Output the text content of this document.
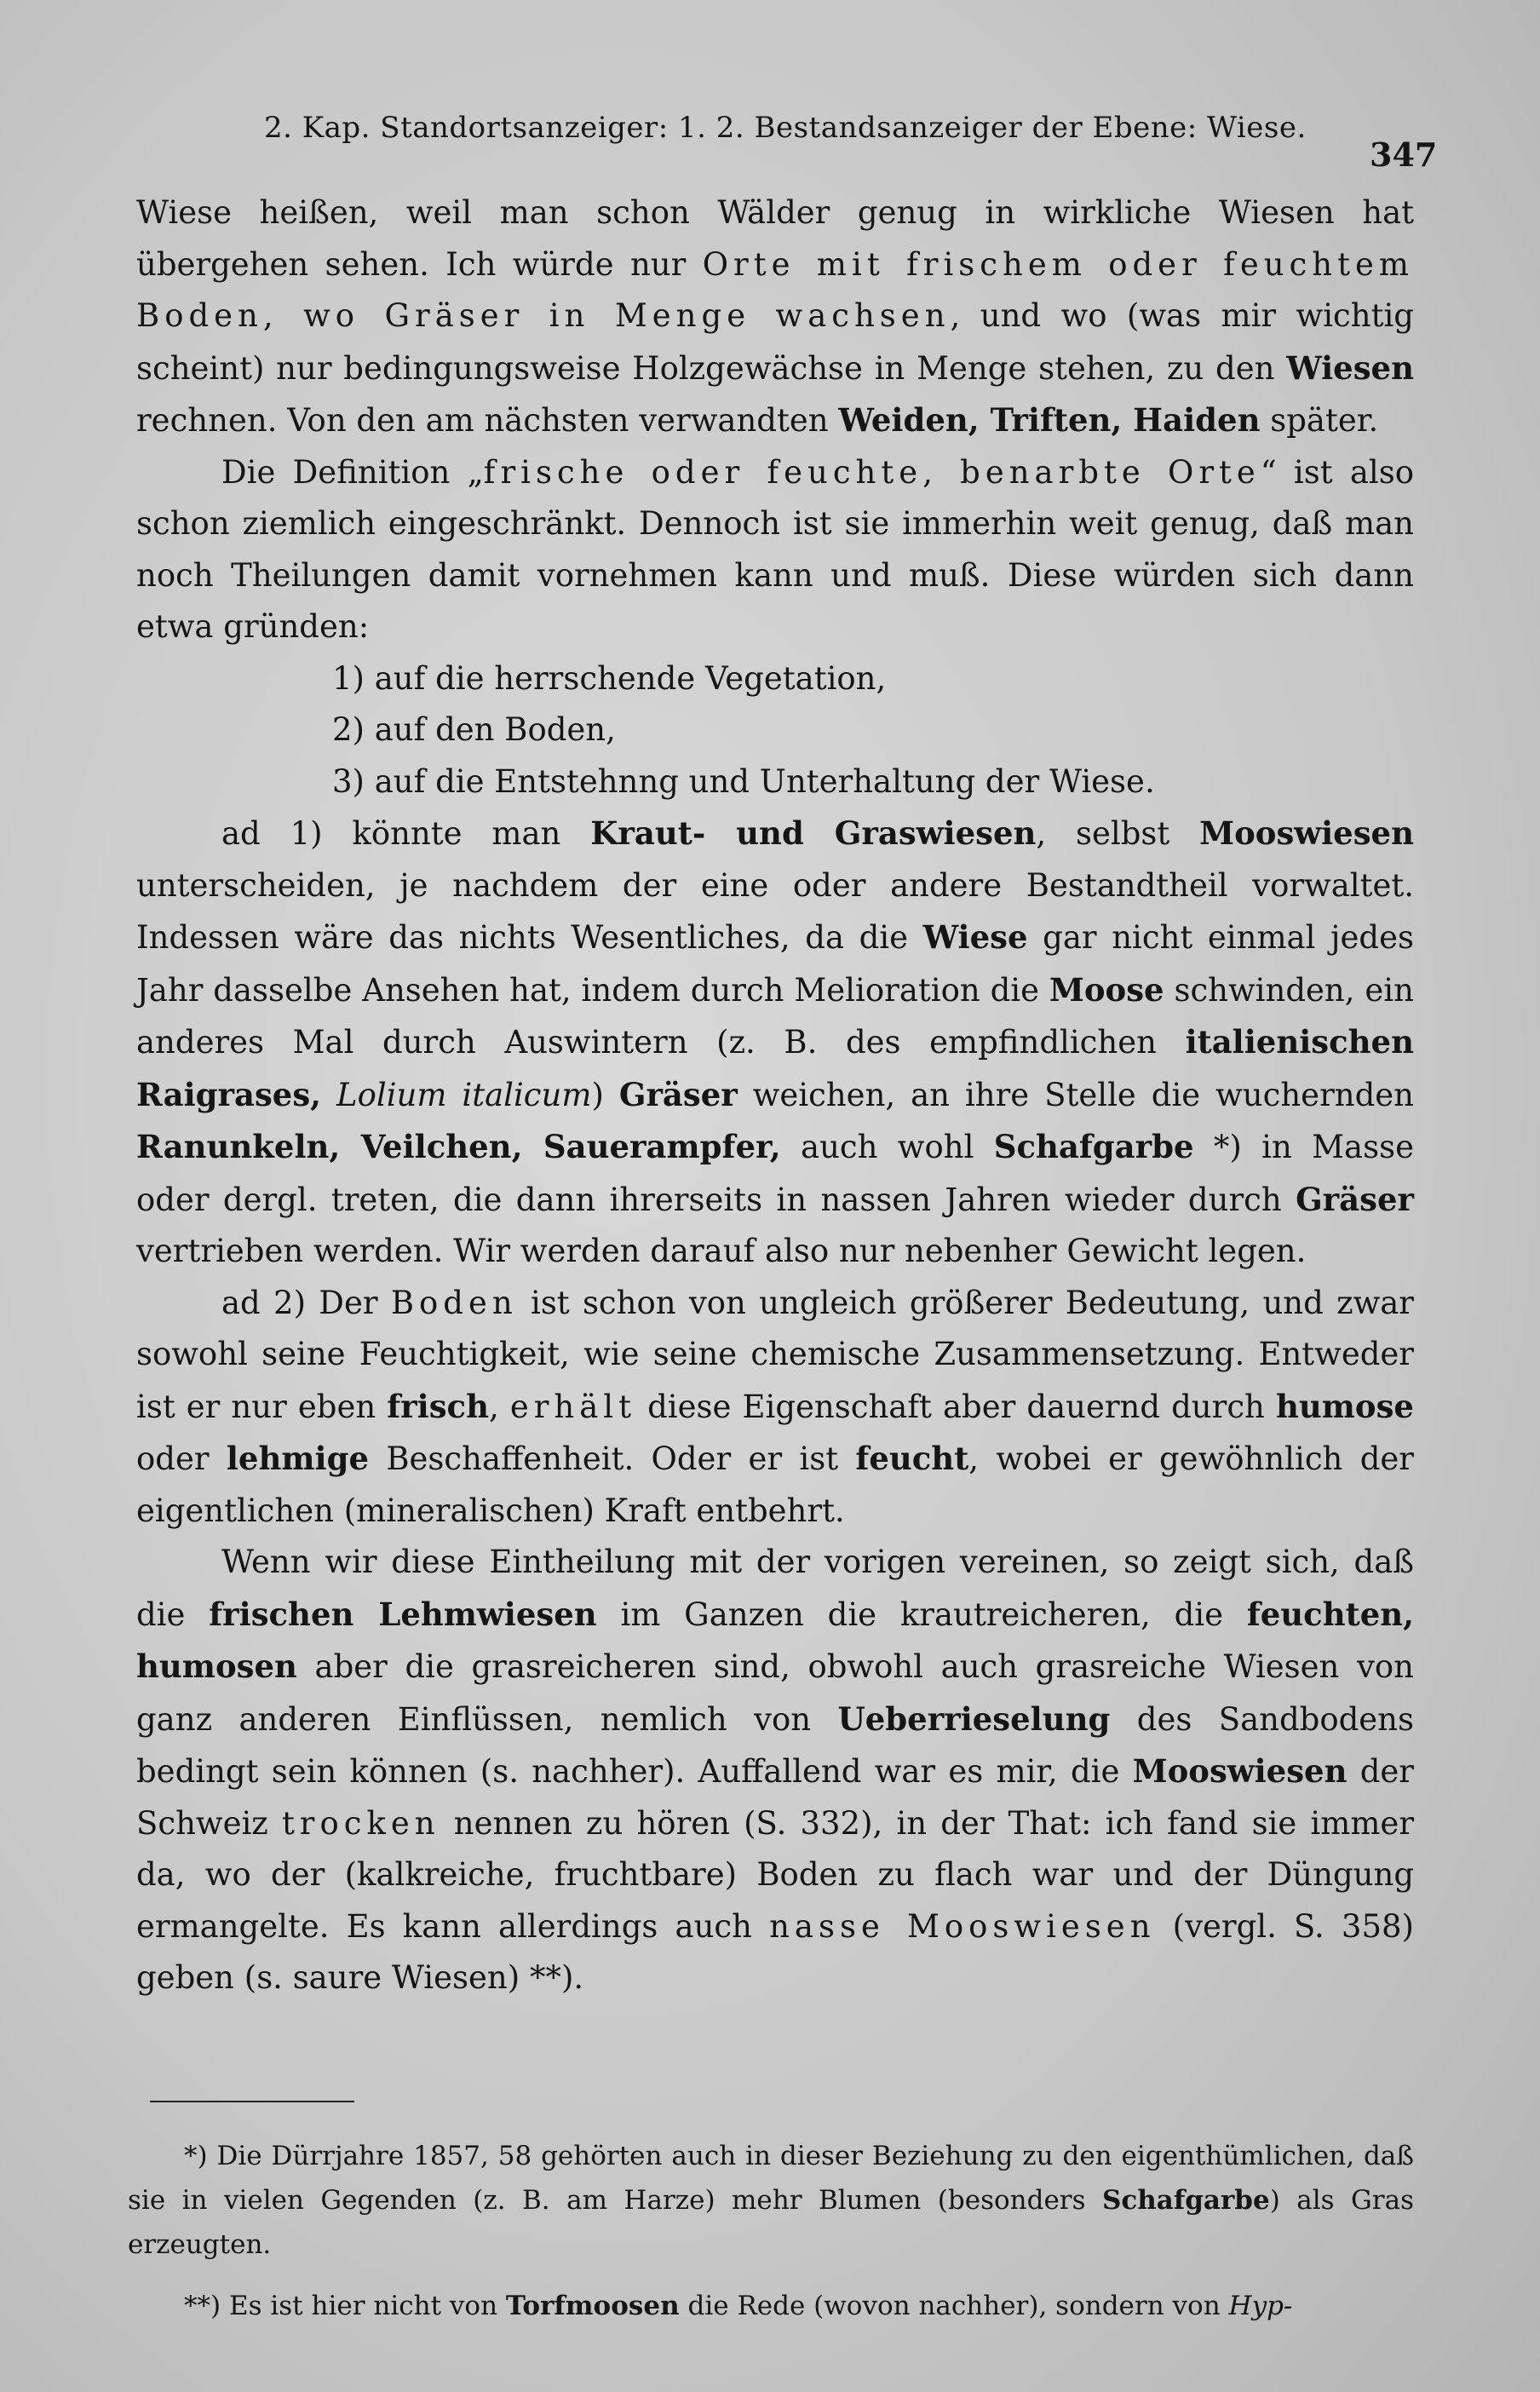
2. Kap. Standortsanzeiger: 1. 2. Bestandsanzeiger der Ebene: Wiese.
347

Wiese heißen, weil man schon Wälder genug in wirkliche Wiesen hat übergehen sehen. Ich würde nur Orte mit frischem oder feuchtem Boden, wo Gräser in Menge wachsen, und wo (was mir wichtig scheint) nur bedingungsweise Holzgewächse in Menge stehen, zu den Wiesen rechnen. Von den am nächsten verwandten Weiden, Triften, Haiden später.

Die Definition „frische oder feuchte, benarbte Orte“ ist also schon ziemlich eingeschränkt. Dennoch ist sie immerhin weit genug, daß man noch Theilungen damit vornehmen kann und muß. Diese würden sich dann etwa gründen:

1) auf die herrschende Vegetation,
2) auf den Boden,
3) auf die Entstehnng und Unterhaltung der Wiese.

ad 1) könnte man Kraut- und Graswiesen, selbst Mooswiesen unterscheiden, je nachdem der eine oder andere Bestandtheil vorwaltet. Indessen wäre das nichts Wesentliches, da die Wiese gar nicht einmal jedes Jahr dasselbe Ansehen hat, indem durch Melioration die Moose schwinden, ein anderes Mal durch Auswintern (z. B. des empfindlichen italienischen Raigrases, Lolium italicum) Gräser weichen, an ihre Stelle die wuchernden Ranunkeln, Veilchen, Sauerampfer, auch wohl Schafgarbe *) in Masse oder dergl. treten, die dann ihrerseits in nassen Jahren wieder durch Gräser vertrieben werden. Wir werden darauf also nur nebenher Gewicht legen.

ad 2) Der Boden ist schon von ungleich größerer Bedeutung, und zwar sowohl seine Feuchtigkeit, wie seine chemische Zusammensetzung. Entweder ist er nur eben frisch, erhält diese Eigenschaft aber dauernd durch humose oder lehmige Beschaffenheit. Oder er ist feucht, wobei er gewöhnlich der eigentlichen (mineralischen) Kraft entbehrt.

Wenn wir diese Eintheilung mit der vorigen vereinen, so zeigt sich, daß die frischen Lehmwiesen im Ganzen die krautreicheren, die feuchten, humosen aber die grasreicheren sind, obwohl auch grasreiche Wiesen von ganz anderen Einflüssen, nemlich von Ueberrieselung des Sandbodens bedingt sein können (s. nachher). Auffallend war es mir, die Mooswiesen der Schweiz trocken nennen zu hören (S. 332), in der That: ich fand sie immer da, wo der (kalkreiche, fruchtbare) Boden zu flach war und der Düngung ermangelte. Es kann allerdings auch nasse Mooswiesen (vergl. S. 358) geben (s. saure Wiesen) **).

*) Die Dürrjahre 1857, 58 gehörten auch in dieser Beziehung zu den eigenthümlichen, daß sie in vielen Gegenden (z. B. am Harze) mehr Blumen (besonders Schafgarbe) als Gras erzeugten.

**) Es ist hier nicht von Torfmoosen die Rede (wovon nachher), sondern von Hyp-
